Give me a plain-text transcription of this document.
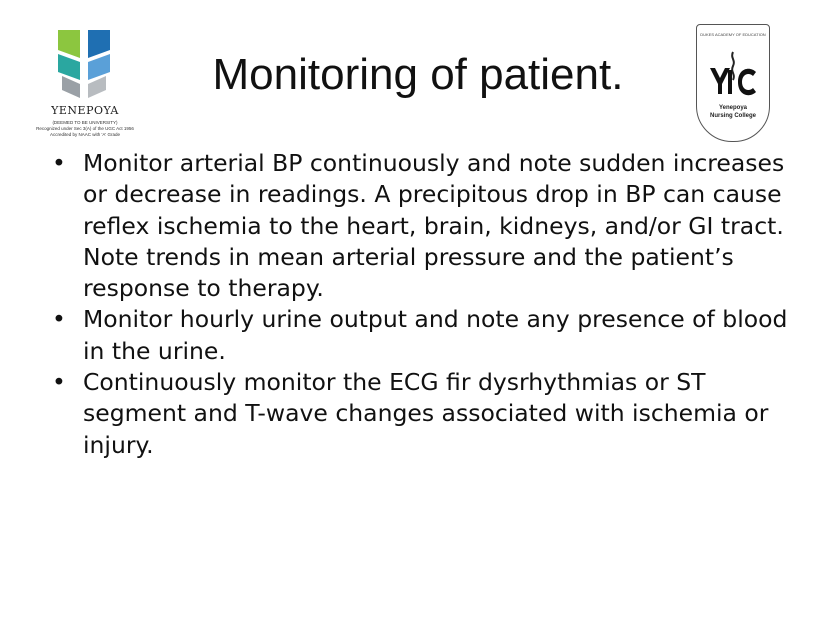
YENEPOYA
(DEEMED TO BE UNIVERSITY)
Recognized under Sec 3(A) of the UGC Act 1956
Accredited by NAAC with 'A' Grade
Monitoring of patient.
DUKES ACADEMY OF EDUCATION
Yenepoya
Nursing College
• Monitor arterial BP continuously and note sudden increases or decrease in readings. A precipitous drop in BP can cause reflex ischemia to the heart, brain, kidneys, and/or GI tract. Note trends in mean arterial pressure and the patient’s response to therapy.
• Monitor hourly urine output and note any presence of blood in the urine.
• Continuously monitor the ECG fir dysrhythmias or ST segment and T-wave changes associated with ischemia or injury.
